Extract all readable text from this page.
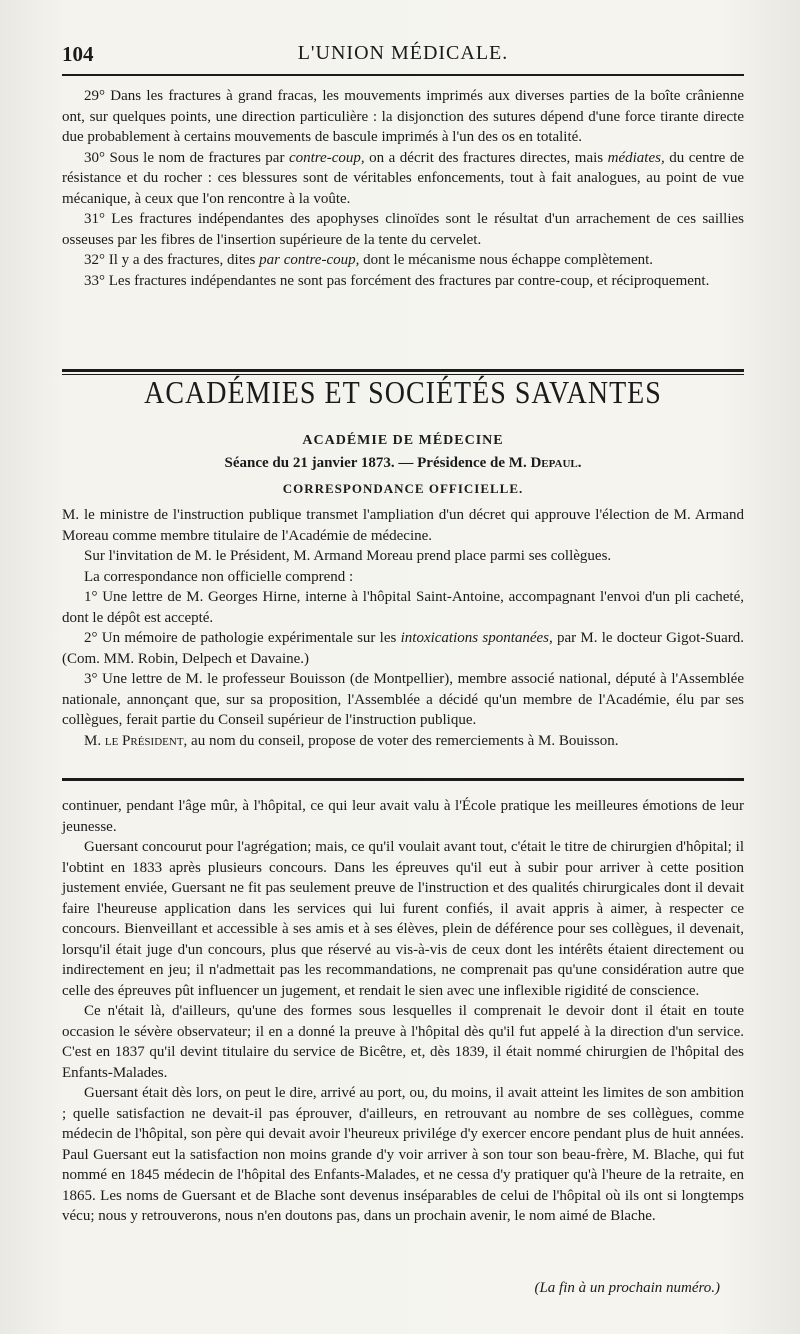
104	L'UNION MÉDICALE.

29° Dans les fractures à grand fracas, les mouvements imprimés aux diverses parties de la boîte crânienne ont, sur quelques points, une direction particulière : la disjonction des sutures dépend d'une force tirante directe due probablement à certains mouvements de bascule imprimés à l'un des os en totalité.

30° Sous le nom de fractures par contre-coup, on a décrit des fractures directes, mais médiates, du centre de résistance et du rocher : ces blessures sont de véritables enfoncements, tout à fait analogues, au point de vue mécanique, à ceux que l'on rencontre à la voûte.

31° Les fractures indépendantes des apophyses clinoïdes sont le résultat d'un arrachement de ces saillies osseuses par les fibres de l'insertion supérieure de la tente du cervelet.

32° Il y a des fractures, dites par contre-coup, dont le mécanisme nous échappe complètement.

33° Les fractures indépendantes ne sont pas forcément des fractures par contre-coup, et réciproquement.

ACADÉMIES ET SOCIÉTÉS SAVANTES
ACADÉMIE DE MÉDECINE
Séance du 21 janvier 1873. — Présidence de M. Depaul.
CORRESPONDANCE OFFICIELLE.

M. le ministre de l'instruction publique transmet l'ampliation d'un décret qui approuve l'élection de M. Armand Moreau comme membre titulaire de l'Académie de médecine.

Sur l'invitation de M. le Président, M. Armand Moreau prend place parmi ses collègues.

La correspondance non officielle comprend :

1° Une lettre de M. Georges Hirne, interne à l'hôpital Saint-Antoine, accompagnant l'envoi d'un pli cacheté, dont le dépôt est accepté.

2° Un mémoire de pathologie expérimentale sur les intoxications spontanées, par M. le docteur Gigot-Suard. (Com. MM. Robin, Delpech et Davaine.)

3° Une lettre de M. le professeur Bouisson (de Montpellier), membre associé national, député à l'Assemblée nationale, annonçant que, sur sa proposition, l'Assemblée a décidé qu'un membre de l'Académie, élu par ses collègues, ferait partie du Conseil supérieur de l'instruction publique.

M. le Président, au nom du conseil, propose de voter des remerciements à M. Bouisson.

continuer, pendant l'âge mûr, à l'hôpital, ce qui leur avait valu à l'École pratique les meilleures émotions de leur jeunesse.

Guersant concourut pour l'agrégation; mais, ce qu'il voulait avant tout, c'était le titre de chirurgien d'hôpital; il l'obtint en 1833 après plusieurs concours. Dans les épreuves qu'il eut à subir pour arriver à cette position justement enviée, Guersant ne fit pas seulement preuve de l'instruction et des qualités chirurgicales dont il devait faire l'heureuse application dans les services qui lui furent confiés, il avait appris à aimer, à respecter ce concours. Bienveillant et accessible à ses amis et à ses élèves, plein de déférence pour ses collègues, il devenait, lorsqu'il était juge d'un concours, plus que réservé au vis-à-vis de ceux dont les intérêts étaient directement ou indirectement en jeu; il n'admettait pas les recommandations, ne comprenait pas qu'une considération autre que celle des épreuves pût influencer un jugement, et rendait le sien avec une inflexible rigidité de conscience.

Ce n'était là, d'ailleurs, qu'une des formes sous lesquelles il comprenait le devoir dont il était en toute occasion le sévère observateur; il en a donné la preuve à l'hôpital dès qu'il fut appelé à la direction d'un service. C'est en 1837 qu'il devint titulaire du service de Bicêtre, et, dès 1839, il était nommé chirurgien de l'hôpital des Enfants-Malades.

Guersant était dès lors, on peut le dire, arrivé au port, ou, du moins, il avait atteint les limites de son ambition ; quelle satisfaction ne devait-il pas éprouver, d'ailleurs, en retrouvant au nombre de ses collègues, comme médecin de l'hôpital, son père qui devait avoir l'heureux privilége d'y exercer encore pendant plus de huit années. Paul Guersant eut la satisfaction non moins grande d'y voir arriver à son tour son beau-frère, M. Blache, qui fut nommé en 1845 médecin de l'hôpital des Enfants-Malades, et ne cessa d'y pratiquer qu'à l'heure de la retraite, en 1865. Les noms de Guersant et de Blache sont devenus inséparables de celui de l'hôpital où ils ont si longtemps vécu; nous y retrouverons, nous n'en doutons pas, dans un prochain avenir, le nom aimé de Blache.

(La fin à un prochain numéro.)
